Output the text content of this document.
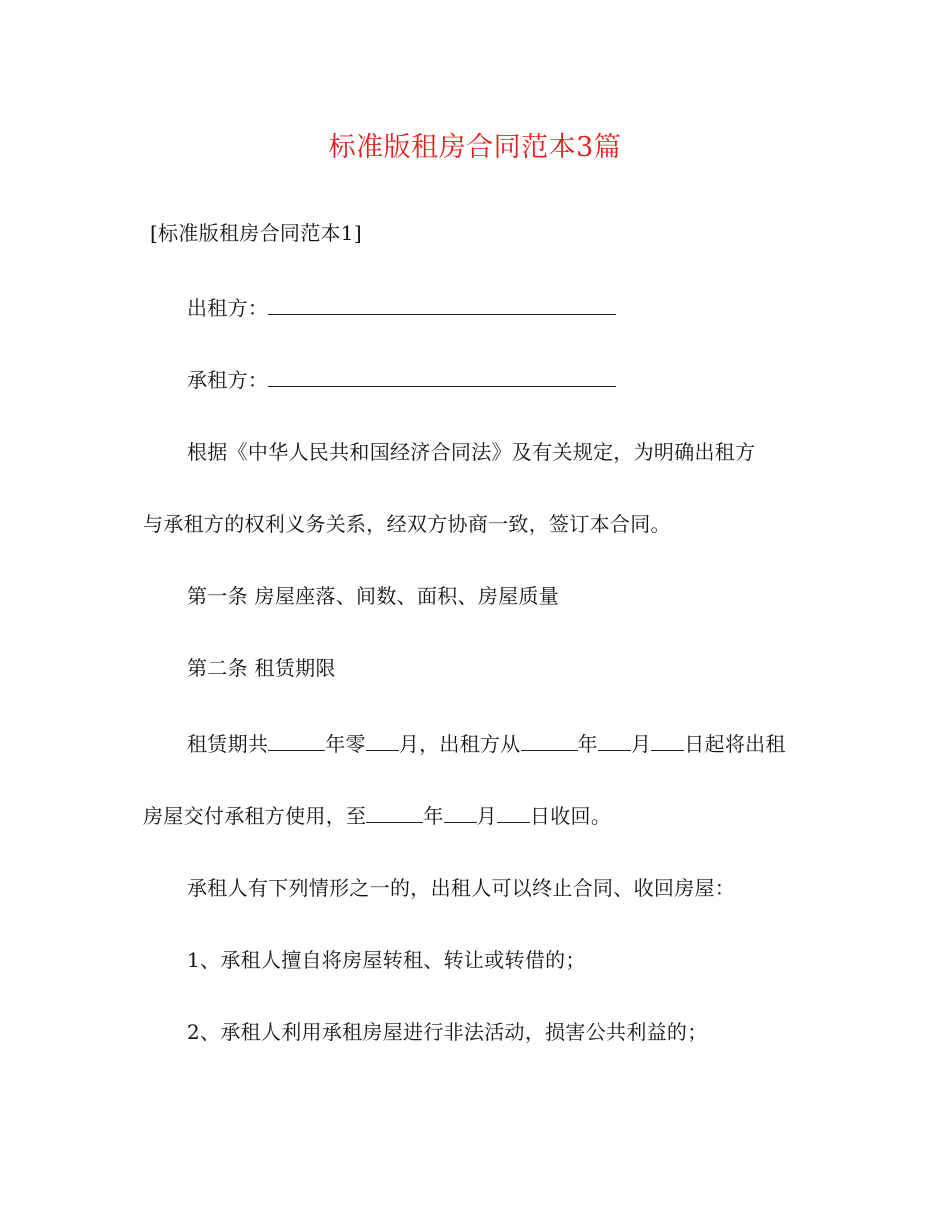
标准版租房合同范本3篇
[标准版租房合同范本1]
出租方：
承租方：
根据《中华人民共和国经济合同法》及有关规定，为明确出租方
与承租方的权利义务关系，经双方协商一致，签订本合同。
第一条 房屋座落、间数、面积、房屋质量
第二条 租赁期限
租赁期共	年零 月，出租方从	年 月 日起将出租
房屋交付承租方使用，至	年 月 日收回。
承租人有下列情形之一的，出租人可以终止合同、收回房屋：
1、承租人擅自将房屋转租、转让或转借的；
2、承租人利用承租房屋进行非法活动，损害公共利益的；
